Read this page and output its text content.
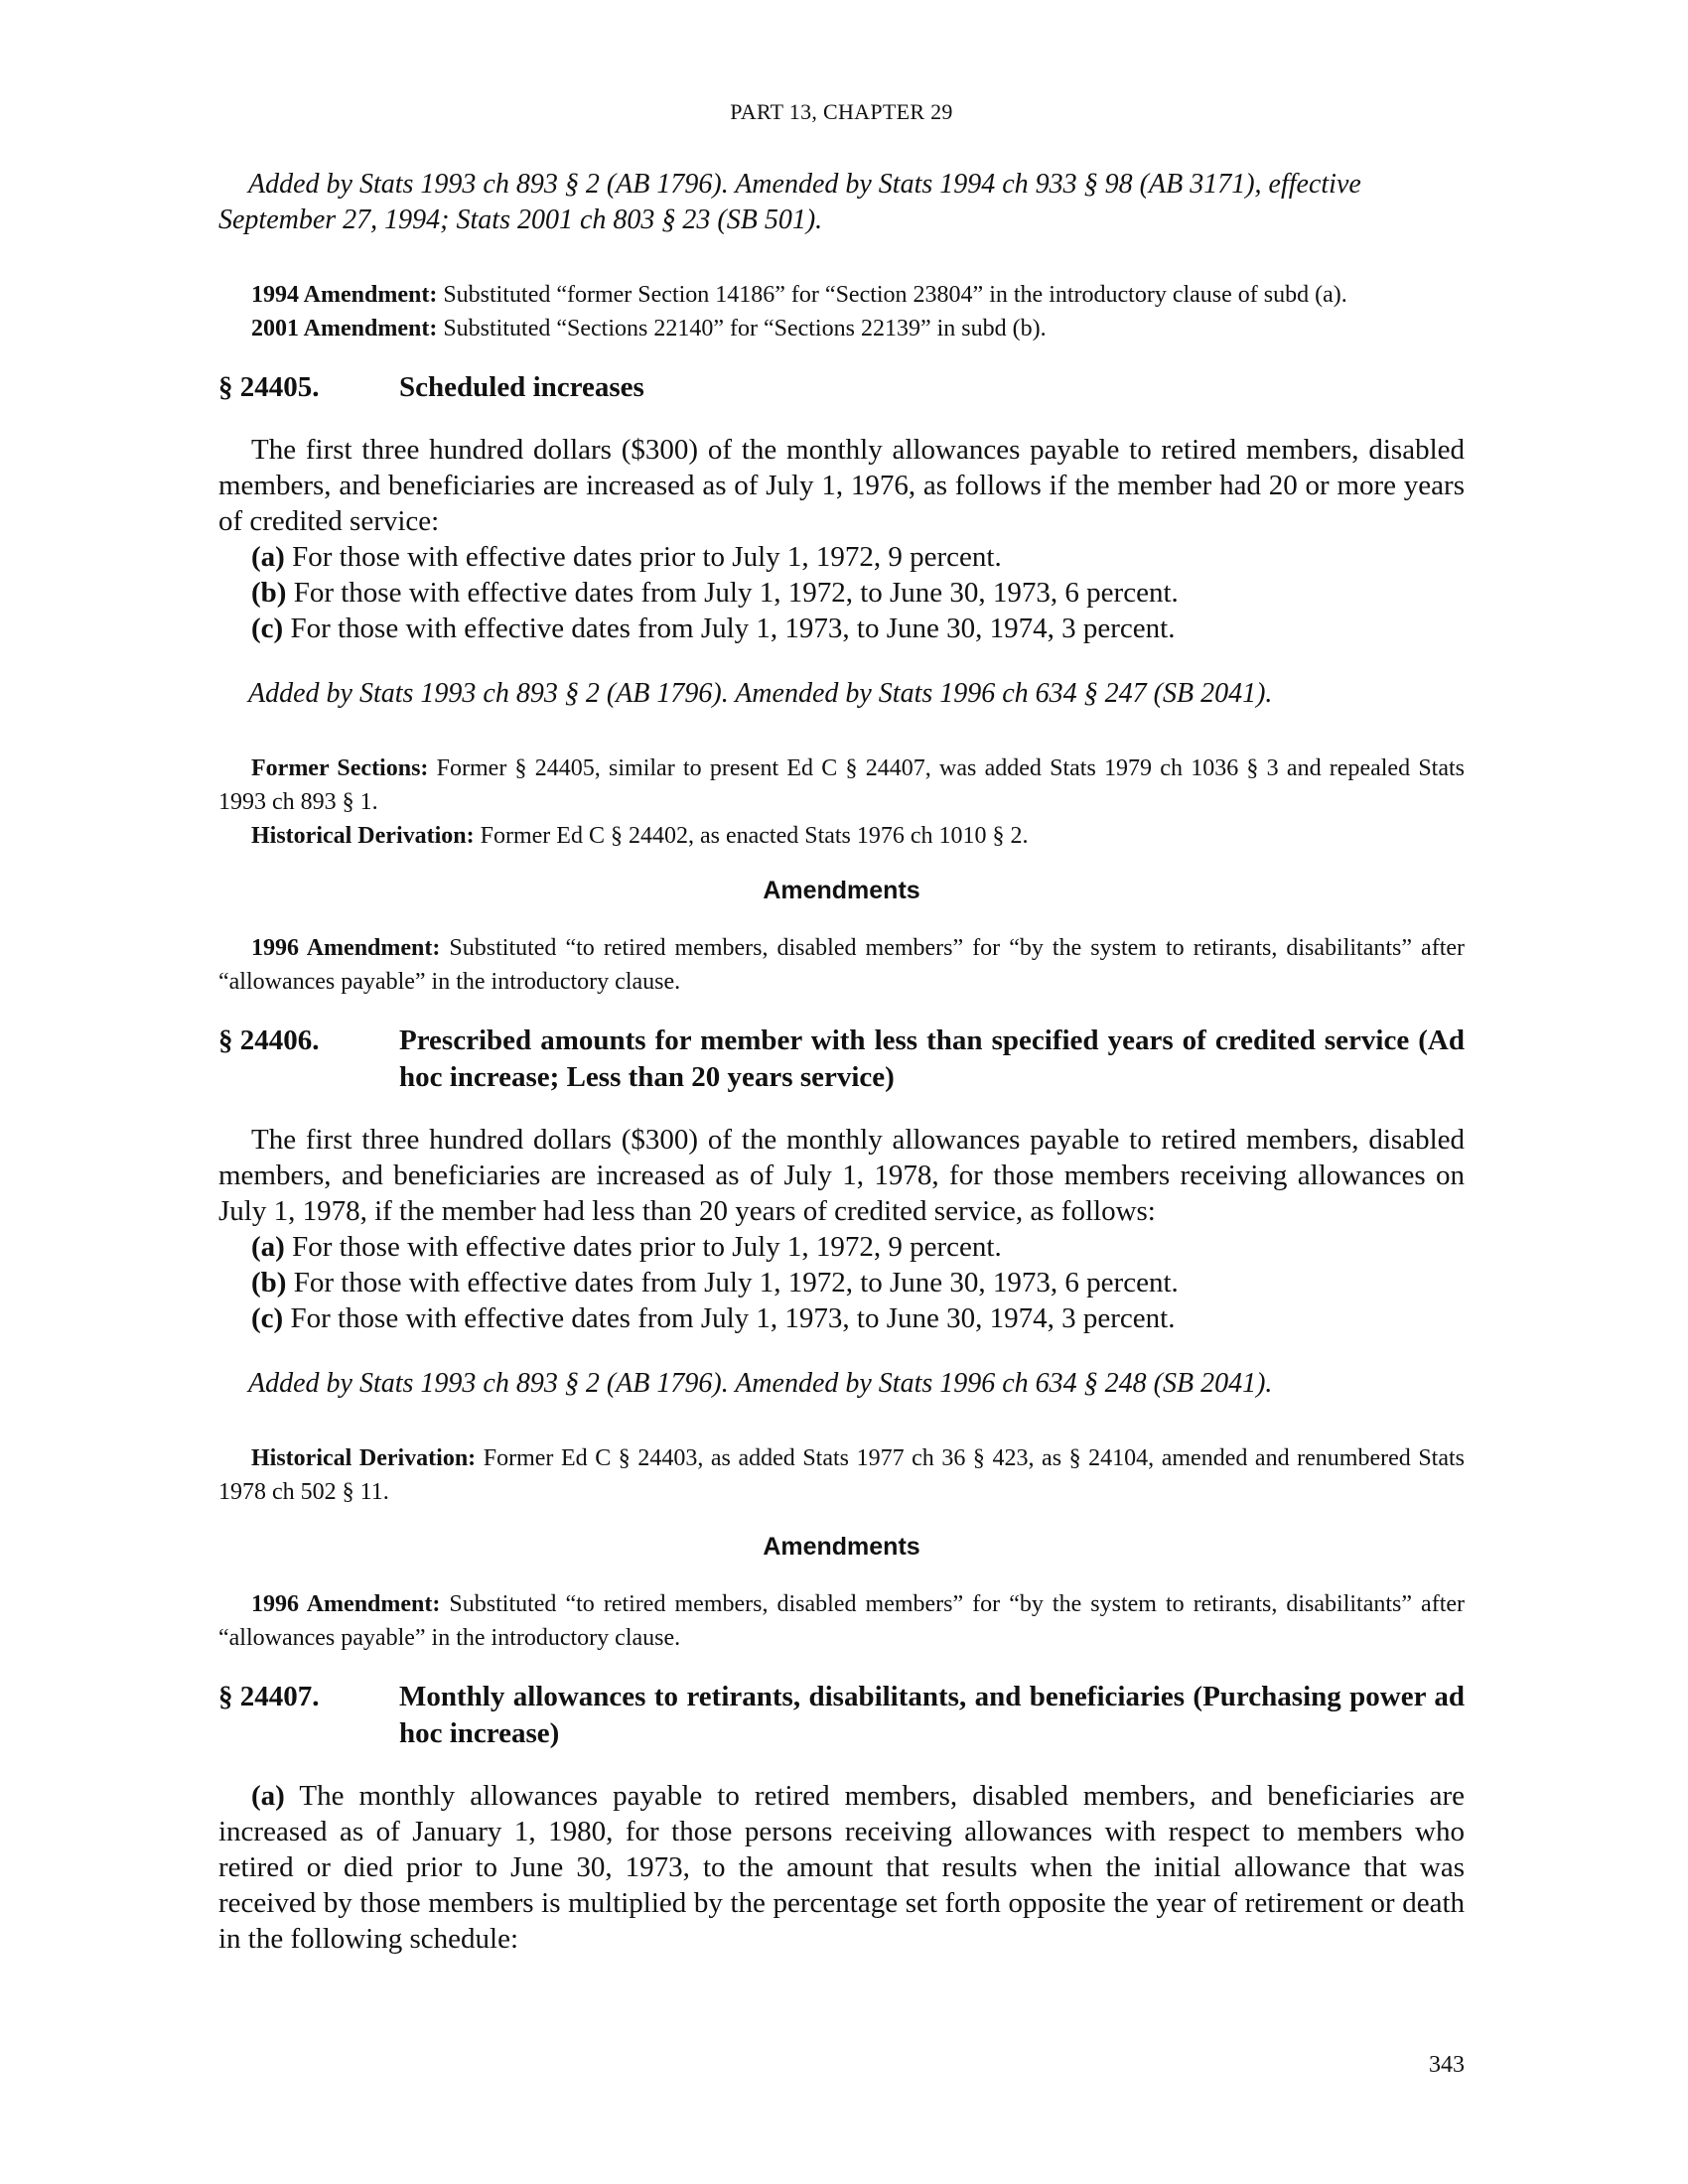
PART 13, CHAPTER 29

Added by Stats 1993 ch 893 § 2 (AB 1796). Amended by Stats 1994 ch 933 § 98 (AB 3171), effective September 27, 1994; Stats 2001 ch 803 § 23 (SB 501).

1994 Amendment: Substituted “former Section 14186” for “Section 23804” in the introductory clause of subd (a).

2001 Amendment: Substituted “Sections 22140” for “Sections 22139” in subd (b).

§ 24405.	Scheduled increases

The first three hundred dollars ($300) of the monthly allowances payable to retired members, disabled members, and beneficiaries are increased as of July 1, 1976, as follows if the member had 20 or more years of credited service:

(a) For those with effective dates prior to July 1, 1972, 9 percent.

(b) For those with effective dates from July 1, 1972, to June 30, 1973, 6 percent.

(c) For those with effective dates from July 1, 1973, to June 30, 1974, 3 percent.

Added by Stats 1993 ch 893 § 2 (AB 1796). Amended by Stats 1996 ch 634 § 247 (SB 2041).

Former Sections: Former § 24405, similar to present Ed C § 24407, was added Stats 1979 ch 1036 § 3 and repealed Stats 1993 ch 893 § 1.

Historical Derivation: Former Ed C § 24402, as enacted Stats 1976 ch 1010 § 2.

Amendments

1996 Amendment: Substituted “to retired members, disabled members” for “by the system to retirants, disabilitants” after “allowances payable” in the introductory clause.

§ 24406.	Prescribed amounts for member with less than specified years of credited service (Ad hoc increase; Less than 20 years service)

The first three hundred dollars ($300) of the monthly allowances payable to retired members, disabled members, and beneficiaries are increased as of July 1, 1978, for those members receiving allowances on July 1, 1978, if the member had less than 20 years of credited service, as follows:

(a) For those with effective dates prior to July 1, 1972, 9 percent.

(b) For those with effective dates from July 1, 1972, to June 30, 1973, 6 percent.

(c) For those with effective dates from July 1, 1973, to June 30, 1974, 3 percent.

Added by Stats 1993 ch 893 § 2 (AB 1796). Amended by Stats 1996 ch 634 § 248 (SB 2041).

Historical Derivation: Former Ed C § 24403, as added Stats 1977 ch 36 § 423, as § 24104, amended and renumbered Stats 1978 ch 502 § 11.

Amendments

1996 Amendment: Substituted “to retired members, disabled members” for “by the system to retirants, disabilitants” after “allowances payable” in the introductory clause.

§ 24407.	Monthly allowances to retirants, disabilitants, and beneficiaries (Purchasing power ad hoc increase)

(a) The monthly allowances payable to retired members, disabled members, and beneficiaries are increased as of January 1, 1980, for those persons receiving allowances with respect to members who retired or died prior to June 30, 1973, to the amount that results when the initial allowance that was received by those members is multiplied by the percentage set forth opposite the year of retirement or death in the following schedule:

343
